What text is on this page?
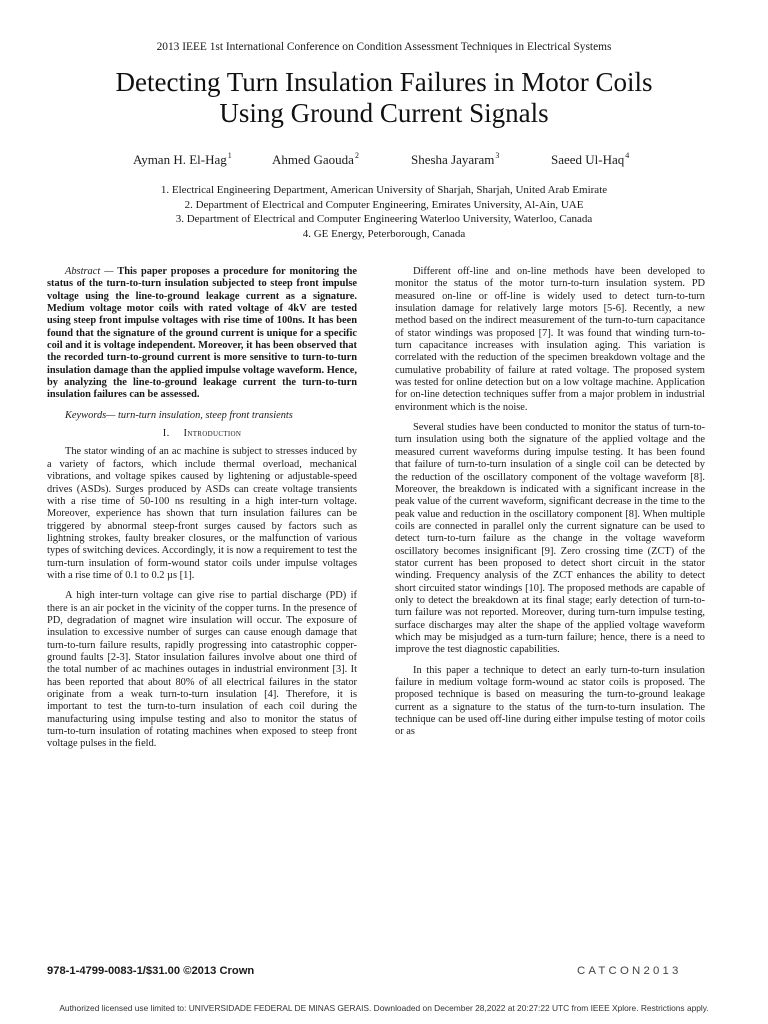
2013 IEEE 1st International Conference on Condition Assessment Techniques in Electrical Systems
Detecting Turn Insulation Failures in Motor Coils
Using Ground Current Signals
Ayman H. El-Hag$^1$	Ahmed Gaouda$^2$	Shesha Jayaram$^3$	Saeed Ul-Haq$^4$
1. Electrical Engineering Department, American University of Sharjah, Sharjah, United Arab Emirate
2. Department of Electrical and Computer Engineering, Emirates University, Al-Ain, UAE
3. Department of Electrical and Computer Engineering Waterloo University, Waterloo, Canada
4. GE Energy, Peterborough, Canada

Abstract — This paper proposes a procedure for monitoring the status of the turn-to-turn insulation subjected to steep front impulse voltage using the line-to-ground leakage current as a signature. Medium voltage motor coils with rated voltage of 4kV are tested using steep front impulse voltages with rise time of 100ns. It has been found that the signature of the ground current is unique for a specific coil and it is voltage independent. Moreover, it has been observed that the recorded turn-to-ground current is more sensitive to turn-to-turn insulation damage than the applied impulse voltage waveform. Hence, by analyzing the line-to-ground leakage current the turn-to-turn insulation failures can be assessed.

Keywords— turn-turn insulation, steep front transients

I. Introduction

The stator winding of an ac machine is subject to stresses induced by a variety of factors, which include thermal overload, mechanical vibrations, and voltage spikes caused by lightening or adjustable-speed drives (ASDs). Surges produced by ASDs can create voltage transients with a rise time of 50-100 ns resulting in a high inter-turn voltage. Moreover, experience has shown that turn insulation failures can be triggered by abnormal steep-front surges caused by factors such as lightning strokes, faulty breaker closures, or the malfunction of various types of switching devices. Accordingly, it is now a requirement to test the turn-turn insulation of form-wound stator coils under impulse voltages with a rise time of 0.1 to 0.2 µs [1].

A high inter-turn voltage can give rise to partial discharge (PD) if there is an air pocket in the vicinity of the copper turns. In the presence of PD, degradation of magnet wire insulation will occur. The exposure of insulation to excessive number of surges can cause enough damage that turn-to-turn failure results, rapidly progressing into catastrophic copper-ground faults [2-3]. Stator insulation failures involve about one third of the total number of ac machines outages in industrial environment [3]. It has been reported that about 80% of all electrical failures in the stator originate from a weak turn-to-turn insulation [4]. Therefore, it is important to test the turn-to-turn insulation of each coil during the manufacturing using impulse testing and also to monitor the status of turn-to-turn insulation of rotating machines when exposed to steep front voltage pulses in the field.

Different off-line and on-line methods have been developed to monitor the status of the motor turn-to-turn insulation system. PD measured on-line or off-line is widely used to detect turn-to-turn insulation damage for relatively large motors [5-6]. Recently, a new method based on the indirect measurement of the turn-to-turn capacitance of stator windings was proposed [7]. It was found that winding turn-to-turn capacitance increases with insulation aging. This variation is correlated with the reduction of the specimen breakdown voltage and the cumulative probability of failure at rated voltage. The proposed system was tested for online detection but on a low voltage machine. Application for on-line detection techniques suffer from a major problem in industrial environment which is the noise.

Several studies have been conducted to monitor the status of turn-to-turn insulation using both the signature of the applied voltage and the measured current waveforms during impulse testing. It has been found that failure of turn-to-turn insulation of a single coil can be detected by the reduction of the oscillatory component of the voltage waveform [8]. Moreover, the breakdown is indicated with a significant increase in the peak value of the current waveform, significant decrease in the time to the peak value and reduction in the oscillatory component [8]. When multiple coils are connected in parallel only the current signature can be used to detect turn-to-turn failure as the change in the voltage waveform oscillatory becomes insignificant [9]. Zero crossing time (ZCT) of the stator current has been proposed to detect short circuit in the stator winding. Frequency analysis of the ZCT enhances the ability to detect short circuited stator windings [10]. The proposed methods are capable of only to detect the breakdown at its final stage; early detection of turn-to-turn failure was not reported. Moreover, during turn-turn impulse testing, surface discharges may alter the shape of the applied voltage waveform which may be misjudged as a turn-turn failure; hence, there is a need to improve the test diagnostic capabilities.

In this paper a technique to detect an early turn-to-turn insulation failure in medium voltage form-wound ac stator coils is proposed. The proposed technique is based on measuring the turn-to-ground leakage current as a signature to the status of the turn-to-turn insulation. The technique can be used off-line during either impulse testing of motor coils or as

978-1-4799-0083-1/$31.00 ©2013 Crown	CATCON2013
Authorized licensed use limited to: UNIVERSIDADE FEDERAL DE MINAS GERAIS. Downloaded on December 28,2022 at 20:27:22 UTC from IEEE Xplore. Restrictions apply.
